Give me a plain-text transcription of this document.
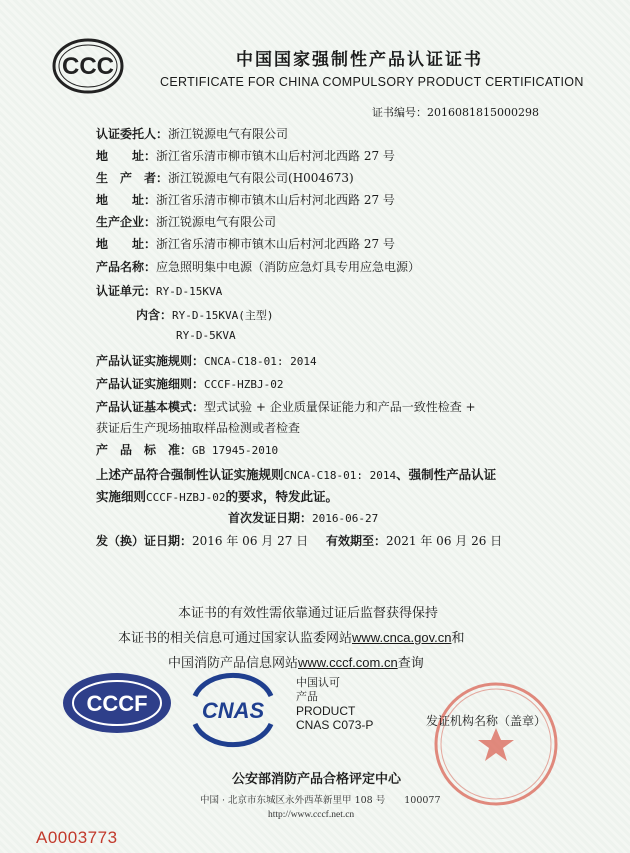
CCC	中国国家强制性产品认证证书
CERTIFICATE FOR CHINA COMPULSORY PRODUCT CERTIFICATION
证书编号：2016081815000298
认证委托人：浙江锐源电气有限公司
地　　址：浙江省乐清市柳市镇木山后村河北西路 27 号
生　产　者：浙江锐源电气有限公司(H004673)
地　　址：浙江省乐清市柳市镇木山后村河北西路 27 号
生产企业：浙江锐源电气有限公司
地　　址：浙江省乐清市柳市镇木山后村河北西路 27 号
产品名称：应急照明集中电源（消防应急灯具专用应急电源）
认证单元：RY-D-15KVA
内含：RY-D-15KVA(主型)
RY-D-5KVA
产品认证实施规则：CNCA-C18-01: 2014
产品认证实施细则：CCCF-HZBJ-02
产品认证基本模式：型式试验 + 企业质量保证能力和产品一致性检查 +
获证后生产现场抽取样品检测或者检查
产　品　标　准：GB 17945-2010
上述产品符合强制性认证实施规则CNCA-C18-01: 2014、强制性产品认证
实施细则CCCF-HZBJ-02的要求，特发此证。
首次发证日期：2016-06-27
发（换）证日期：2016 年 06 月 27 日 有效期至：2021 年 06 月 26 日
本证书的有效性需依靠通过证后监督获得保持
本证书的相关信息可通过国家认监委网站www.cnca.gov.cn和
中国消防产品信息网站www.cccf.com.cn查询
CCCF CNAS
中国认可
产品
PRODUCT
CNAS C073-P	发证机构名称（盖章）
公安部消防产品合格评定中心
中国 · 北京市东城区永外西革新里甲 108 号　　100077
http://www.cccf.net.cn
A0003773
